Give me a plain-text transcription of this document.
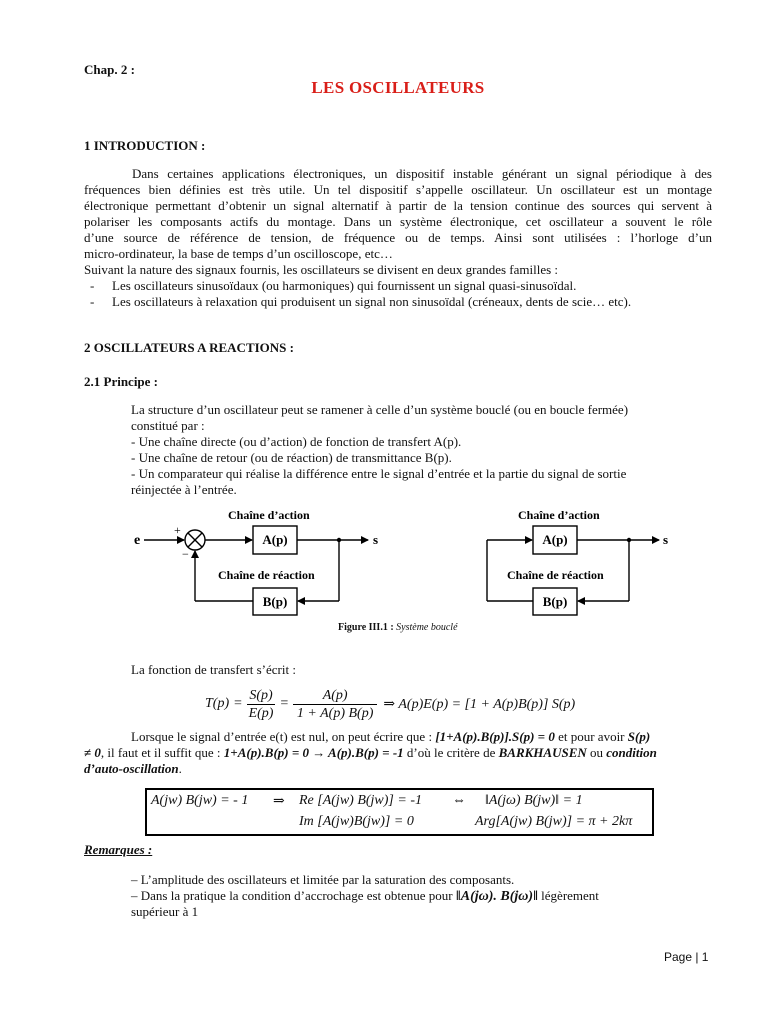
Chap. 2 :
LES OSCILLATEURS
1 INTRODUCTION :
Dans certaines applications électroniques, un dispositif instable générant un signal périodique à des
fréquences bien définies est très utile. Un tel dispositif s’appelle oscillateur. Un oscillateur est un montage
électronique permettant d’obtenir un signal alternatif à partir de la tension continue des sources qui servent à
polariser les composants actifs du montage. Dans un système électronique, cet oscillateur a souvent le rôle
d’une source de référence de tension, de fréquence ou de temps. Ainsi sont utilisées : l’horloge d’un
micro-ordinateur, la base de temps d’un oscilloscope, etc…
Suivant la nature des signaux fournis, les oscillateurs se divisent en deux grandes familles :
- Les oscillateurs sinusoïdaux (ou harmoniques) qui fournissent un signal quasi-sinusoïdal.
- Les oscillateurs à relaxation qui produisent un signal non sinusoïdal (créneaux, dents de scie… etc).
2 OSCILLATEURS A REACTIONS :
2.1 Principe :
La structure d’un oscillateur peut se ramener à celle d’un système bouclé (ou en boucle fermée)
constitué par :
- Une chaîne directe (ou d’action) de fonction de transfert A(p).
- Une chaîne de retour (ou de réaction) de transmittance B(p).
- Un comparateur qui réalise la différence entre le signal d’entrée et la partie du signal de sortie
réinjectée à l’entrée.
e
+
−
Chaîne d’action
A(p)	s
Chaîne de réaction
B(p)
Chaîne d’action
A(p)	s
Chaîne de réaction
B(p)
Figure III.1 : Système bouclé
La fonction de transfert s’écrit :
$T(p) = \frac{S(p)}{E(p)} = \frac{A(p)}{1 + A(p) B(p)}$ ⇒ A(p)E(p) = [1 + A(p)B(p)] S(p)
Lorsque le signal d’entrée e(t) est nul, on peut écrire que : [1+A(p).B(p)].S(p) = 0 et pour avoir S(p)
≠ 0, il faut et il suffit que : 1+A(p).B(p) = 0 → A(p).B(p) = -1 d’où le critère de BARKHAUSEN ou condition
d’auto-oscillation.
A(jw) B(jw) = - 1 ⇒ Re [A(jw) B(jw)] = -1 ⇔ ‖A(jω) B(jw)‖ = 1
Im [A(jw)B(jw)] = 0	Arg[A(jw) B(jw)] = π + 2kπ
Remarques :
– L’amplitude des oscillateurs et limitée par la saturation des composants.
– Dans la pratique la condition d’accrochage est obtenue pour ‖A(jω). B(jω)‖ légèrement
supérieur à 1
Page | 1
